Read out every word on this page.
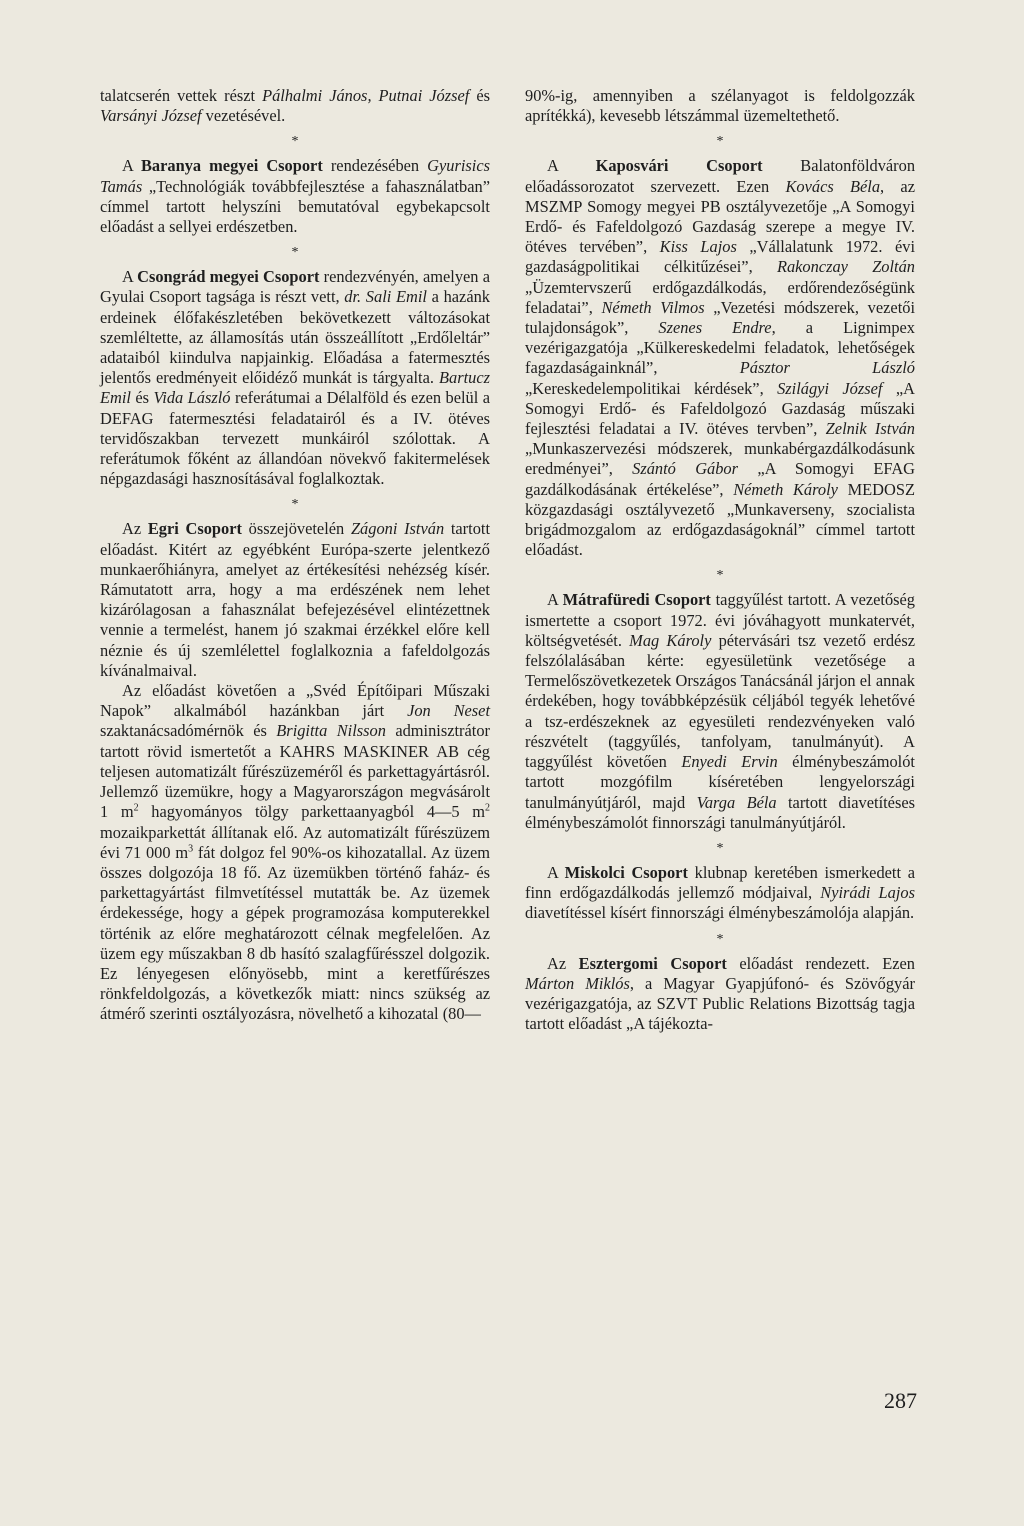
talatcserén vettek részt Pálhalmi János, Putnai József és Varsányi József vezetésével.

*

A Baranya megyei Csoport rendezésében Gyurisics Tamás „Technológiák továbbfejlesztése a fahasználatban” címmel tartott helyszíni bemutatóval egybekapcsolt előadást a sellyei erdészetben.

*

A Csongrád megyei Csoport rendezvényén, amelyen a Gyulai Csoport tagsága is részt vett, dr. Sali Emil a hazánk erdeinek élőfakészletében bekövetkezett változásokat szemléltette, az államosítás után összeállított „Erdőleltár” adataiból kiindulva napjainkig. Előadása a fatermesztés jelentős eredményeit előidéző munkát is tárgyalta. Bartucz Emil és Vida László referátumai a Délalföld és ezen belül a DEFAG fatermesztési feladatairól és a IV. ötéves tervidőszakban tervezett munkáiról szólottak. A referátumok főként az állandóan növekvő fakitermelések népgazdasági hasznosításával foglalkoztak.

*

Az Egri Csoport összejövetelén Zágoni István tartott előadást. Kitért az egyébként Európa-szerte jelentkező munkaerőhiányra, amelyet az értékesítési nehézség kísér. Rámutatott arra, hogy a ma erdészének nem lehet kizárólagosan a fahasználat befejezésével elintézettnek vennie a termelést, hanem jó szakmai érzékkel előre kell néznie és új szemlélettel foglalkoznia a fafeldolgozás kívánalmaival.

Az előadást követően a „Svéd Építőipari Műszaki Napok” alkalmából hazánkban járt Jon Neset szaktanácsadómérnök és Brigitta Nilsson adminisztrátor tartott rövid ismertetőt a KAHRS MASKINER AB cég teljesen automatizált fűrészüzeméről és parkettagyártásról. Jellemző üzemükre, hogy a Magyarországon megvásárolt 1 $m^2$ hagyományos tölgy parkettaanyagból 4—5 $m^2$ mozaikparkettát állítanak elő. Az automatizált fűrészüzem évi 71 000 $m^3$ fát dolgoz fel 90%-os kihozatallal. Az üzem összes dolgozója 18 fő. Az üzemükben történő faház- és parkettagyártást filmvetítéssel mutatták be. Az üzemek érdekessége, hogy a gépek programozása komputerekkel történik az előre meghatározott célnak megfelelően. Az üzem egy műszakban 8 db hasító szalagfűrésszel dolgozik. Ez lényegesen előnyösebb, mint a keretfűrészes rönkfeldolgozás, a következők miatt: nincs szükség az átmérő szerinti osztályozásra, növelhető a kihozatal (80—

90%-ig, amennyiben a szélanyagot is feldolgozzák aprítékká), kevesebb létszámmal üzemeltethető.

*

A Kaposvári Csoport Balatonföldváron előadássorozatot szervezett. Ezen Kovács Béla, az MSZMP Somogy megyei PB osztályvezetője „A Somogyi Erdő- és Fafeldolgozó Gazdaság szerepe a megye IV. ötéves tervében”, Kiss Lajos „Vállalatunk 1972. évi gazdaságpolitikai célkitűzései”, Rakonczay Zoltán „Üzemtervszerű erdőgazdálkodás, erdőrendezőségünk feladatai”, Németh Vilmos „Vezetési módszerek, vezetői tulajdonságok”, Szenes Endre, a Lignimpex vezérigazgatója „Külkereskedelmi feladatok, lehetőségek fagazdaságainknál”, Pásztor László „Kereskedelempolitikai kérdések”, Szilágyi József „A Somogyi Erdő- és Fafeldolgozó Gazdaság műszaki fejlesztési feladatai a IV. ötéves tervben”, Zelnik István „Munkaszervezési módszerek, munkabérgazdálkodásunk eredményei”, Szántó Gábor „A Somogyi EFAG gazdálkodásának értékelése”, Németh Károly MEDOSZ közgazdasági osztályvezető „Munkaverseny, szocialista brigádmozgalom az erdőgazdaságoknál” címmel tartott előadást.

*

A Mátrafüredi Csoport taggyűlést tartott. A vezetőség ismertette a csoport 1972. évi jóváhagyott munkatervét, költségvetését. Mag Károly pétervásári tsz vezető erdész felszólalásában kérte: egyesületünk vezetősége a Termelőszövetkezetek Országos Tanácsánál járjon el annak érdekében, hogy továbbképzésük céljából tegyék lehetővé a tsz-erdészeknek az egyesületi rendezvényeken való részvételt (taggyűlés, tanfolyam, tanulmányút). A taggyűlést követően Enyedi Ervin élménybeszámolót tartott mozgófilm kíséretében lengyelországi tanulmányútjáról, majd Varga Béla tartott diavetítéses élménybeszámolót finnországi tanulmányútjáról.

*

A Miskolci Csoport klubnap keretében ismerkedett a finn erdőgazdálkodás jellemző módjaival, Nyirádi Lajos diavetítéssel kísért finnországi élménybeszámolója alapján.

*

Az Esztergomi Csoport előadást rendezett. Ezen Márton Miklós, a Magyar Gyapjúfonó- és Szövőgyár vezérigazgatója, az SZVT Public Relations Bizottság tagja tartott előadást „A tájékozta-

287
